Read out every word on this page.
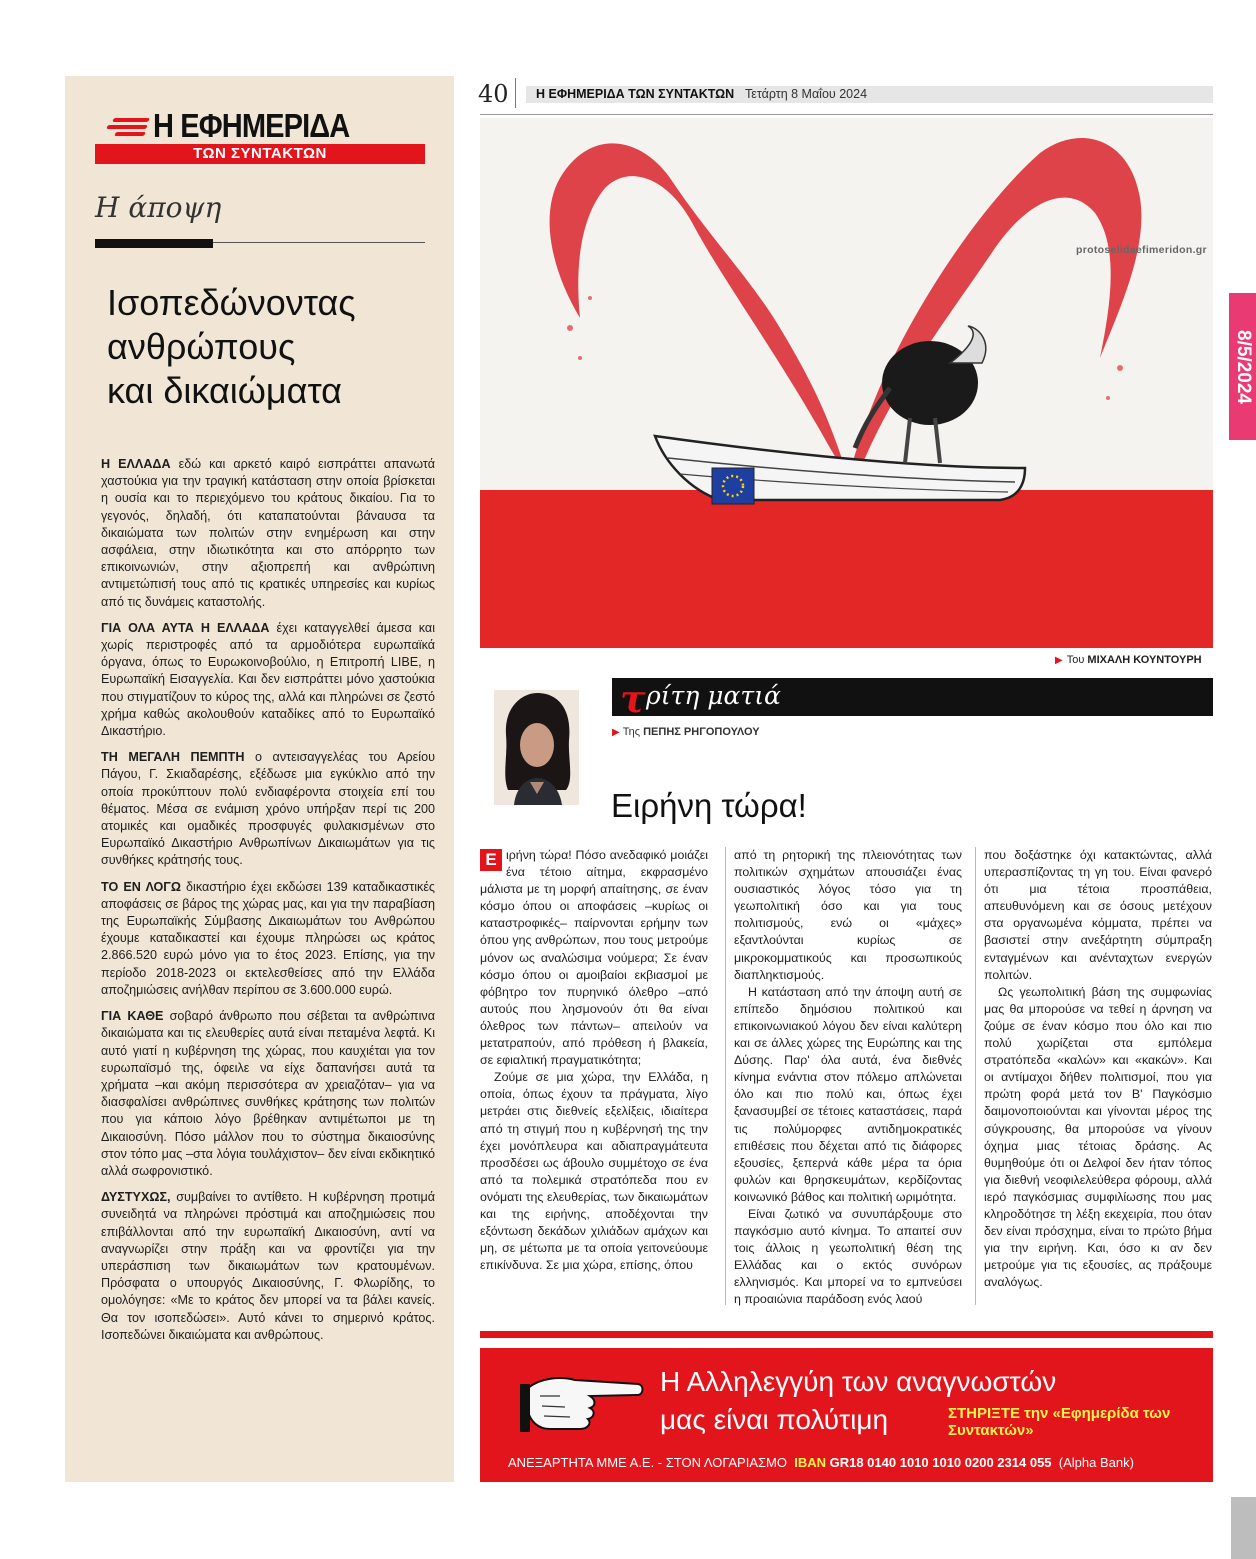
Η ΕΦΗΜΕΡΙΔΑ
ΤΩΝ ΣΥΝΤΑΚΤΩΝ
Η άποψη
Ισοπεδώνοντας
ανθρώπους
και δικαιώματα

Η ΕΛΛΑΔΑ εδώ και αρκετό καιρό εισπράττει απανωτά χαστούκια για την τραγική κατάσταση στην οποία βρίσκεται η ουσία και το περιεχόμενο του κράτους δικαίου. Για το γεγονός, δηλαδή, ότι καταπατούνται βάναυσα τα δικαιώματα των πολιτών στην ενημέρωση και στην ασφάλεια, στην ιδιωτικότητα και στο απόρρητο των επικοινωνιών, στην αξιοπρεπή και ανθρώπινη αντιμετώπισή τους από τις κρατικές υπηρεσίες και κυρίως από τις δυνάμεις καταστολής.

ΓΙΑ ΟΛΑ ΑΥΤΑ Η ΕΛΛΑΔΑ έχει καταγγελθεί άμεσα και χωρίς περιστροφές από τα αρμοδιότερα ευρωπαϊκά όργανα, όπως το Ευρωκοινοβούλιο, η Επιτροπή LIBE, η Ευρωπαϊκή Εισαγγελία. Και δεν εισπράττει μόνο χαστούκια που στιγματίζουν το κύρος της, αλλά και πληρώνει σε ζεστό χρήμα καθώς ακολουθούν καταδίκες από το Ευρωπαϊκό Δικαστήριο.

ΤΗ ΜΕΓΑΛΗ ΠΕΜΠΤΗ ο αντεισαγγελέας του Αρείου Πάγου, Γ. Σκιαδαρέσης, εξέδωσε μια εγκύκλιο από την οποία προκύπτουν πολύ ενδιαφέροντα στοιχεία επί του θέματος. Μέσα σε ενάμιση χρόνο υπήρξαν περί τις 200 ατομικές και ομαδικές προσφυγές φυλακισμένων στο Ευρωπαϊκό Δικαστήριο Ανθρωπίνων Δικαιωμάτων για τις συνθήκες κράτησής τους.

ΤΟ ΕΝ ΛΟΓΩ δικαστήριο έχει εκδώσει 139 καταδικαστικές αποφάσεις σε βάρος της χώρας μας, και για την παραβίαση της Ευρωπαϊκής Σύμβασης Δικαιωμάτων του Ανθρώπου έχουμε καταδικαστεί και έχουμε πληρώσει ως κράτος 2.866.520 ευρώ μόνο για το έτος 2023. Επίσης, για την περίοδο 2018-2023 οι εκτελεσθείσες από την Ελλάδα αποζημιώσεις ανήλθαν περίπου σε 3.600.000 ευρώ.

ΓΙΑ ΚΑΘΕ σοβαρό άνθρωπο που σέβεται τα ανθρώπινα δικαιώματα και τις ελευθερίες αυτά είναι πεταμένα λεφτά. Κι αυτό γιατί η κυβέρνηση της χώρας, που καυχιέται για τον ευρωπαϊσμό της, όφειλε να είχε δαπανήσει αυτά τα χρήματα –και ακόμη περισσότερα αν χρειαζόταν– για να διασφαλίσει ανθρώπινες συνθήκες κράτησης των πολιτών που για κάποιο λόγο βρέθηκαν αντιμέτωποι με τη Δικαιοσύνη. Πόσο μάλλον που το σύστημα δικαιοσύνης στον τόπο μας –στα λόγια τουλάχιστον– δεν είναι εκδικητικό αλλά σωφρονιστικό.

ΔΥΣΤΥΧΩΣ, συμβαίνει το αντίθετο. Η κυβέρνηση προτιμά συνειδητά να πληρώνει πρόστιμά και αποζημιώσεις που επιβάλλονται από την ευρωπαϊκή Δικαιοσύνη, αντί να αναγνωρίζει στην πράξη και να φροντίζει για την υπεράσπιση των δικαιωμάτων των κρατουμένων. Πρόσφατα ο υπουργός Δικαιοσύνης, Γ. Φλωρίδης, το ομολόγησε: «Με το κράτος δεν μπορεί να τα βάλει κανείς. Θα τον ισοπεδώσει». Αυτό κάνει το σημερινό κράτος. Ισοπεδώνει δικαιώματα και ανθρώπους.

40 Η ΕΦΗΜΕΡΙΔΑ ΤΩΝ ΣΥΝΤΑΚΤΩΝ Τετάρτη 8 Μαΐου 2024
protoselidaefimeridon.gr
▶ Του ΜΙΧΑΛΗ ΚΟΥΝΤΟΥΡΗ
8/5/2024
τ ρίτη ματιά
▶ Της ΠΕΠΗΣ ΡΗΓΟΠΟΥΛΟΥ
Ειρήνη τώρα!

Ε ιρήνη τώρα! Πόσο ανεδαφικό μοιάζει ένα τέτοιο αίτημα, εκφρασμένο μάλιστα με τη μορφή απαίτησης, σε έναν κόσμο όπου οι αποφάσεις –κυρίως οι καταστροφικές– παίρνονται ερήμην των όπου γης ανθρώπων, που τους μετρούμε μόνον ως αναλώσιμα νούμερα; Σε έναν κόσμο όπου οι αμοιβαίοι εκβιασμοί με φόβητρο τον πυρηνικό όλεθρο –από αυτούς που λησμονούν ότι θα είναι όλεθρος των πάντων– απειλούν να μετατραπούν, από πρόθεση ή βλακεία, σε εφιαλτική πραγματικότητα;

Ζούμε σε μια χώρα, την Ελλάδα, η οποία, όπως έχουν τα πράγματα, λίγο μετράει στις διεθνείς εξελίξεις, ιδιαίτερα από τη στιγμή που η κυβέρνησή της την έχει μονόπλευρα και αδιαπραγμάτευτα προσδέσει ως άβουλο συμμέτοχο σε ένα από τα πολεμικά στρατόπεδα που εν ονόματι της ελευθερίας, των δικαιωμάτων και της ειρήνης, αποδέχονται την εξόντωση δεκάδων χιλιάδων αμάχων και μη, σε μέτωπα με τα οποία γειτονεύουμε επικίνδυνα. Σε μια χώρα, επίσης, όπου

από τη ρητορική της πλειονότητας των πολιτικών σχημάτων απουσιάζει ένας ουσιαστικός λόγος τόσο για τη γεωπολιτική όσο και για τους πολιτισμούς, ενώ οι «μάχες» εξαντλούνται κυρίως σε μικροκομματικούς και προσωπικούς διαπληκτισμούς.

Η κατάσταση από την άποψη αυτή σε επίπεδο δημόσιου πολιτικού και επικοινωνιακού λόγου δεν είναι καλύτερη και σε άλλες χώρες της Ευρώπης και της Δύσης. Παρ' όλα αυτά, ένα διεθνές κίνημα ενάντια στον πόλεμο απλώνεται όλο και πιο πολύ και, όπως έχει ξανασυμβεί σε τέτοιες καταστάσεις, παρά τις πολύμορφες αντιδημοκρατικές επιθέσεις που δέχεται από τις διάφορες εξουσίες, ξεπερνά κάθε μέρα τα όρια φυλών και θρησκευμάτων, κερδίζοντας κοινωνικό βάθος και πολιτική ωριμότητα.

Είναι ζωτικό να συνυπάρξουμε στο παγκόσμιο αυτό κίνημα. Το απαιτεί συν τοις άλλοις η γεωπολιτική θέση της Ελλάδας και ο εκτός συνόρων ελληνισμός. Και μπορεί να το εμπνεύσει η προαιώνια παράδοση ενός λαού

που δοξάστηκε όχι κατακτώντας, αλλά υπερασπίζοντας τη γη του. Είναι φανερό ότι μια τέτοια προσπάθεια, απευθυνόμενη και σε όσους μετέχουν στα οργανωμένα κόμματα, πρέπει να βασιστεί στην ανεξάρτητη σύμπραξη ενταγμένων και ανένταχτων ενεργών πολιτών.

Ως γεωπολιτική βάση της συμφωνίας μας θα μπορούσε να τεθεί η άρνηση να ζούμε σε έναν κόσμο που όλο και πιο πολύ χωρίζεται στα εμπόλεμα στρατόπεδα «καλών» και «κακών». Και οι αντίμαχοι δήθεν πολιτισμοί, που για πρώτη φορά μετά τον Β' Παγκόσμιο δαιμονοποιούνται και γίνονται μέρος της σύγκρουσης, θα μπορούσε να γίνουν όχημα μιας τέτοιας δράσης. Ας θυμηθούμε ότι οι Δελφοί δεν ήταν τόπος για διεθνή νεοφιλελεύθερα φόρουμ, αλλά ιερό παγκόσμιας συμφιλίωσης που μας κληροδότησε τη λέξη εκεχειρία, που όταν δεν είναι πρόσχημα, είναι το πρώτο βήμα για την ειρήνη. Και, όσο κι αν δεν μετρούμε για τις εξουσίες, ας πράξουμε αναλόγως.

Η Αλληλεγγύη των αναγνωστών
μας είναι πολύτιμη	ΣΤΗΡΙΞΤΕ την «Εφημερίδα των Συντακτών»
ΑΝΕΞΑΡΤΗΤΑ ΜΜΕ Α.Ε. - ΣΤΟΝ ΛΟΓΑΡΙΑΣΜΟ IBAN GR18 0140 1010 1010 0200 2314 055 (Alpha Bank)
